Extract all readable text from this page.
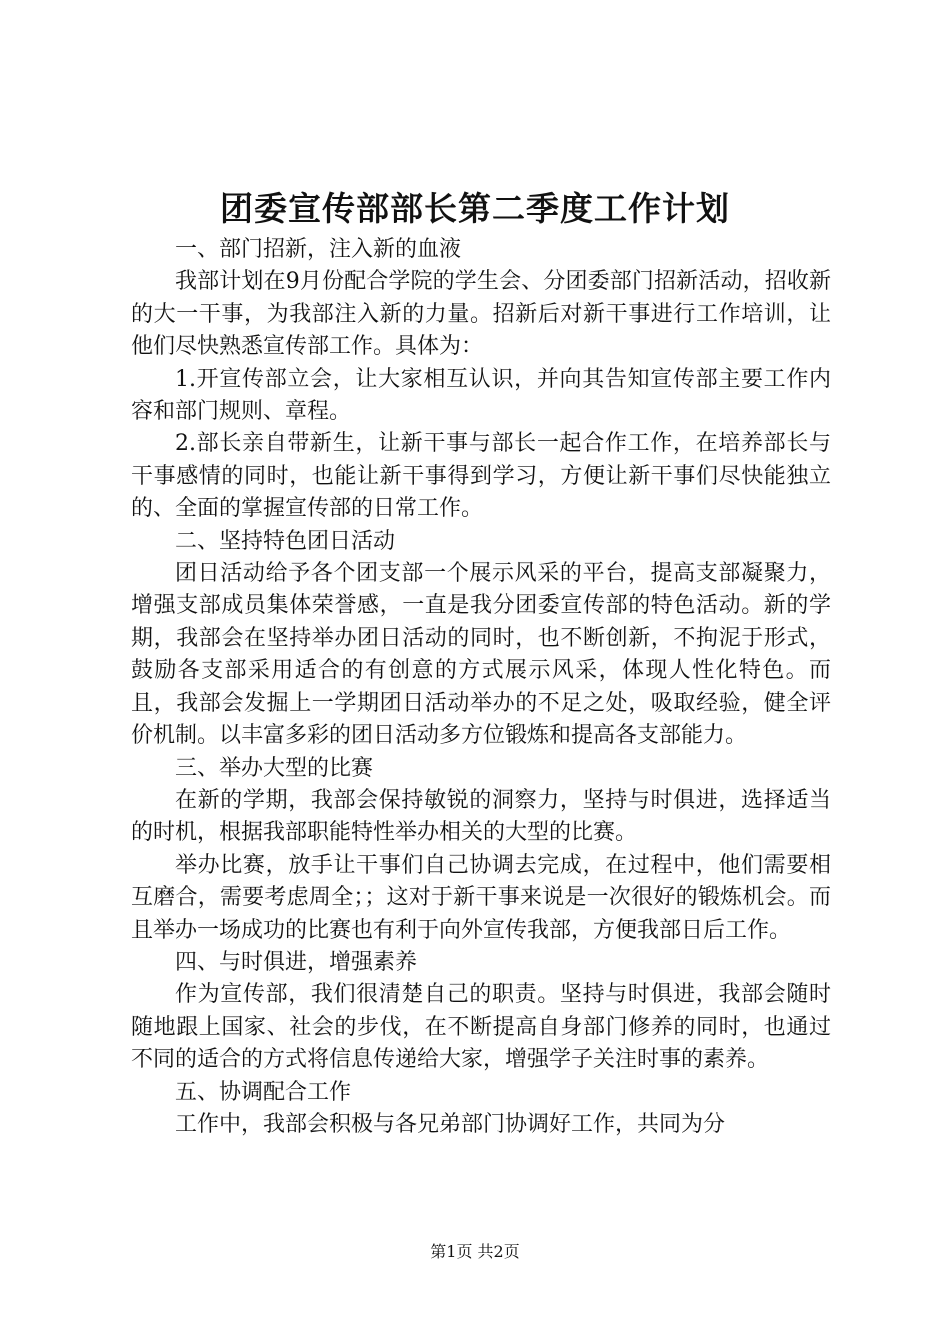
团委宣传部部长第二季度工作计划

一、部门招新，注入新的血液

我部计划在9月份配合学院的学生会、分团委部门招新活动，招收新的大一干事，为我部注入新的力量。招新后对新干事进行工作培训，让他们尽快熟悉宣传部工作。具体为：

1.开宣传部立会，让大家相互认识，并向其告知宣传部主要工作内容和部门规则、章程。

2.部长亲自带新生，让新干事与部长一起合作工作，在培养部长与干事感情的同时，也能让新干事得到学习，方便让新干事们尽快能独立的、全面的掌握宣传部的日常工作。

二、坚持特色团日活动

团日活动给予各个团支部一个展示风采的平台，提高支部凝聚力，增强支部成员集体荣誉感，一直是我分团委宣传部的特色活动。新的学期，我部会在坚持举办团日活动的同时，也不断创新，不拘泥于形式，鼓励各支部采用适合的有创意的方式展示风采，体现人性化特色。而且，我部会发掘上一学期团日活动举办的不足之处，吸取经验，健全评价机制。以丰富多彩的团日活动多方位锻炼和提高各支部能力。

三、举办大型的比赛

在新的学期，我部会保持敏锐的洞察力，坚持与时俱进，选择适当的时机，根据我部职能特性举办相关的大型的比赛。

举办比赛，放手让干事们自己协调去完成，在过程中，他们需要相互磨合，需要考虑周全；；这对于新干事来说是一次很好的锻炼机会。而且举办一场成功的比赛也有利于向外宣传我部，方便我部日后工作。

四、与时俱进，增强素养

作为宣传部，我们很清楚自己的职责。坚持与时俱进，我部会随时随地跟上国家、社会的步伐，在不断提高自身部门修养的同时，也通过不同的适合的方式将信息传递给大家，增强学子关注时事的素养。

五、协调配合工作

工作中，我部会积极与各兄弟部门协调好工作，共同为分

第1页 共2页
